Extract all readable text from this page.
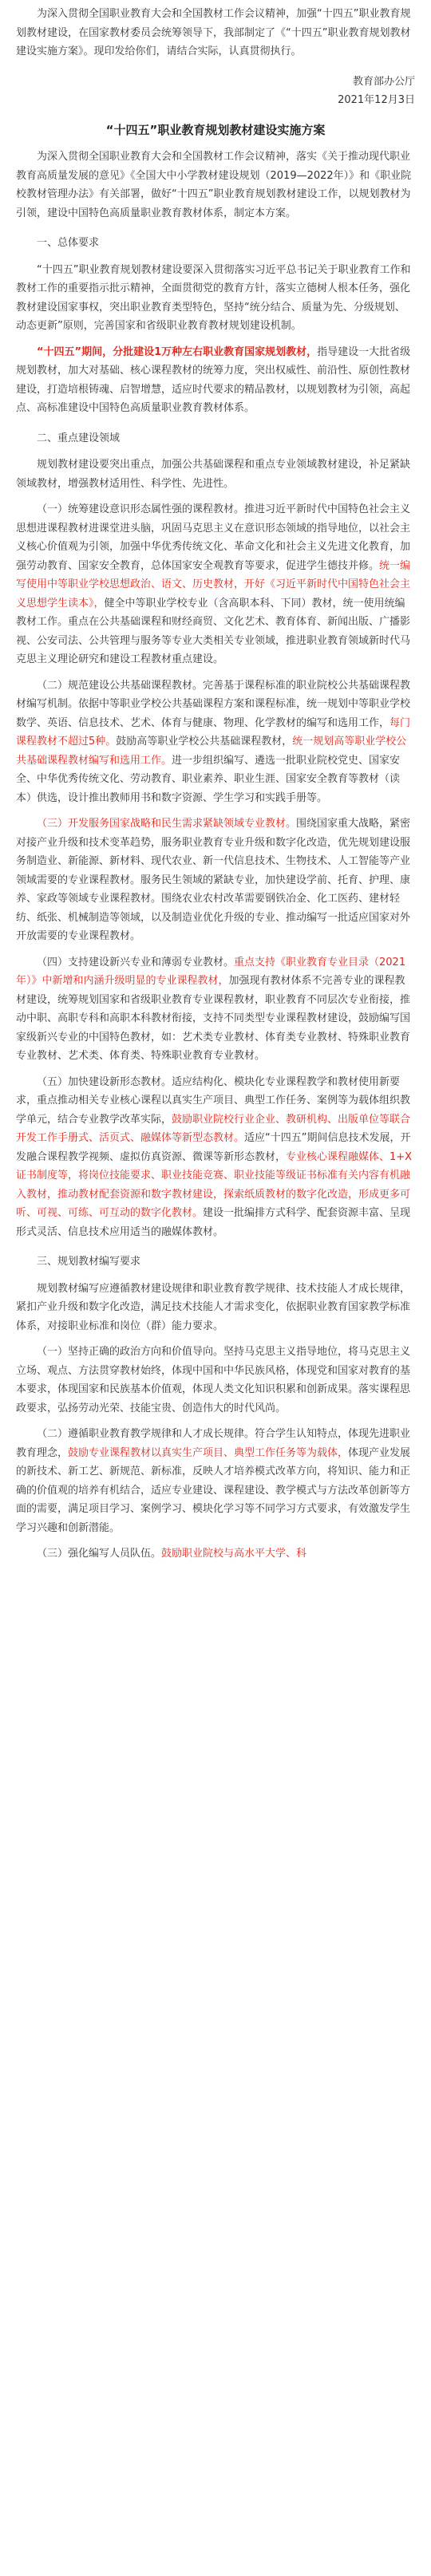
为深入贯彻全国职业教育大会和全国教材工作会议精神，加强“十四五”职业教育规划教材建设，在国家教材委员会统筹领导下，我部制定了《“十四五”职业教育规划教材建设实施方案》。现印发给你们，请结合实际，认真贯彻执行。

教育部办公厅

2021年12月3日

“十四五”职业教育规划教材建设实施方案

为深入贯彻全国职业教育大会和全国教材工作会议精神，落实《关于推动现代职业教育高质量发展的意见》《全国大中小学教材建设规划（2019—2022年）》和《职业院校教材管理办法》有关部署，做好“十四五”职业教育规划教材建设工作，以规划教材为引领，建设中国特色高质量职业教育教材体系，制定本方案。

一、总体要求

“十四五”职业教育规划教材建设要深入贯彻落实习近平总书记关于职业教育工作和教材工作的重要指示批示精神，全面贯彻党的教育方针，落实立德树人根本任务，强化教材建设国家事权，突出职业教育类型特色，坚持“统分结合、质量为先、分级规划、动态更新”原则，完善国家和省级职业教育教材规划建设机制。

“十四五”期间，分批建设1万种左右职业教育国家规划教材，指导建设一大批省级规划教材，加大对基础、核心课程教材的统筹力度，突出权威性、前沿性、原创性教材建设，打造培根铸魂、启智增慧，适应时代要求的精品教材，以规划教材为引领，高起点、高标准建设中国特色高质量职业教育教材体系。

二、重点建设领域

规划教材建设要突出重点，加强公共基础课程和重点专业领域教材建设，补足紧缺领域教材，增强教材适用性、科学性、先进性。

（一）统筹建设意识形态属性强的课程教材。推进习近平新时代中国特色社会主义思想进课程教材进课堂进头脑，巩固马克思主义在意识形态领域的指导地位，以社会主义核心价值观为引领，加强中华优秀传统文化、革命文化和社会主义先进文化教育，加强劳动教育、国家安全教育，总体国家安全观教育等要求，促进学生德技并修。统一编写使用中等职业学校思想政治、语文、历史教材，开好《习近平新时代中国特色社会主义思想学生读本》，健全中等职业学校专业（含高职本科、下同）教材，统一使用统编教材工作。重点在公共基础课程和财经商贸、文化艺术、教育体育、新闻出版、广播影视、公安司法、公共管理与服务等专业大类相关专业领域，推进职业教育领域新时代马克思主义理论研究和建设工程教材重点建设。

（二）规范建设公共基础课程教材。完善基于课程标准的职业院校公共基础课程教材编写机制。依据中等职业学校公共基础课程方案和课程标准，统一规划中等职业学校数学、英语、信息技术、艺术、体育与健康、物理、化学教材的编写和选用工作，每门课程教材不超过5种。鼓励高等职业学校公共基础课程教材，统一规划高等职业学校公共基础课程教材编写和选用工作。进一步组织编写、遴选一批职业院校党史、国家安全、中华优秀传统文化、劳动教育、职业素养、职业生涯、国家安全教育等教材（读本）供选，设计推出教师用书和数字资源、学生学习和实践手册等。

（三）开发服务国家战略和民生需求紧缺领域专业教材。围绕国家重大战略，紧密对接产业升级和技术变革趋势，服务职业教育专业升级和数字化改造，优先规划建设服务制造业、新能源、新材料、现代农业、新一代信息技术、生物技术、人工智能等产业领域需要的专业课程教材。服务民生领域的紧缺专业，加快建设学前、托育、护理、康养、家政等领域专业课程教材。围绕农业农村改革需要钢铁冶金、化工医药、建材轻纺、纸张、机械制造等领域，以及制造业优化升级的专业、推动编写一批适应国家对外开放需要的专业课程教材。

（四）支持建设新兴专业和薄弱专业教材。重点支持《职业教育专业目录（2021年）》中新增和内涵升级明显的专业课程教材，加强现有教材体系不完善专业的课程教材建设，统筹规划国家和省级职业教育专业课程教材，职业教育不同层次专业衔接，推动中职、高职专科和高职本科教材衔接，支持不同类型专业课程教材建设，鼓励编写国家级新兴专业的中国特色教材，如：艺术类专业教材、体育类专业教材、特殊职业教育专业教材、艺术类、体育类、特殊职业教育专业教材。

（五）加快建设新形态教材。适应结构化、模块化专业课程教学和教材使用新要求，重点推动相关专业核心课程以真实生产项目、典型工作任务、案例等为载体组织教学单元，结合专业教学改革实际，鼓励职业院校行业企业、教研机构、出版单位等联合开发工作手册式、活页式、融媒体等新型态教材。适应“十四五”期间信息技术发展，开发融合课程教学视频、虚拟仿真资源、微课等新形态教材，专业核心课程融媒体、1+X证书制度等，将岗位技能要求、职业技能竞赛、职业技能等级证书标准有关内容有机融入教材，推动教材配套资源和数字教材建设，探索纸质教材的数字化改造，形成更多可听、可视、可练、可互动的数字化教材。建设一批编排方式科学、配套资源丰富、呈现形式灵活、信息技术应用适当的融媒体教材。

三、规划教材编写要求

规划教材编写应遵循教材建设规律和职业教育教学规律、技术技能人才成长规律，紧扣产业升级和数字化改造，满足技术技能人才需求变化，依据职业教育国家教学标准体系，对接职业标准和岗位（群）能力要求。

（一）坚持正确的政治方向和价值导向。坚持马克思主义指导地位，将马克思主义立场、观点、方法贯穿教材始终，体现中国和中华民族风格，体现党和国家对教育的基本要求，体现国家和民族基本价值观，体现人类文化知识积累和创新成果。落实课程思政要求，弘扬劳动光荣、技能宝贵、创造伟大的时代风尚。

（二）遵循职业教育教学规律和人才成长规律。符合学生认知特点，体现先进职业教育理念，鼓励专业课程教材以真实生产项目、典型工作任务等为载体，体现产业发展的新技术、新工艺、新规范、新标准，反映人才培养模式改革方向，将知识、能力和正确的价值观的培养有机结合，适应专业建设、课程建设、教学模式与方法改革创新等方面的需要，满足项目学习、案例学习、模块化学习等不同学习方式要求，有效激发学生学习兴趣和创新潜能。

（三）强化编写人员队伍。鼓励职业院校与高水平大学、科
